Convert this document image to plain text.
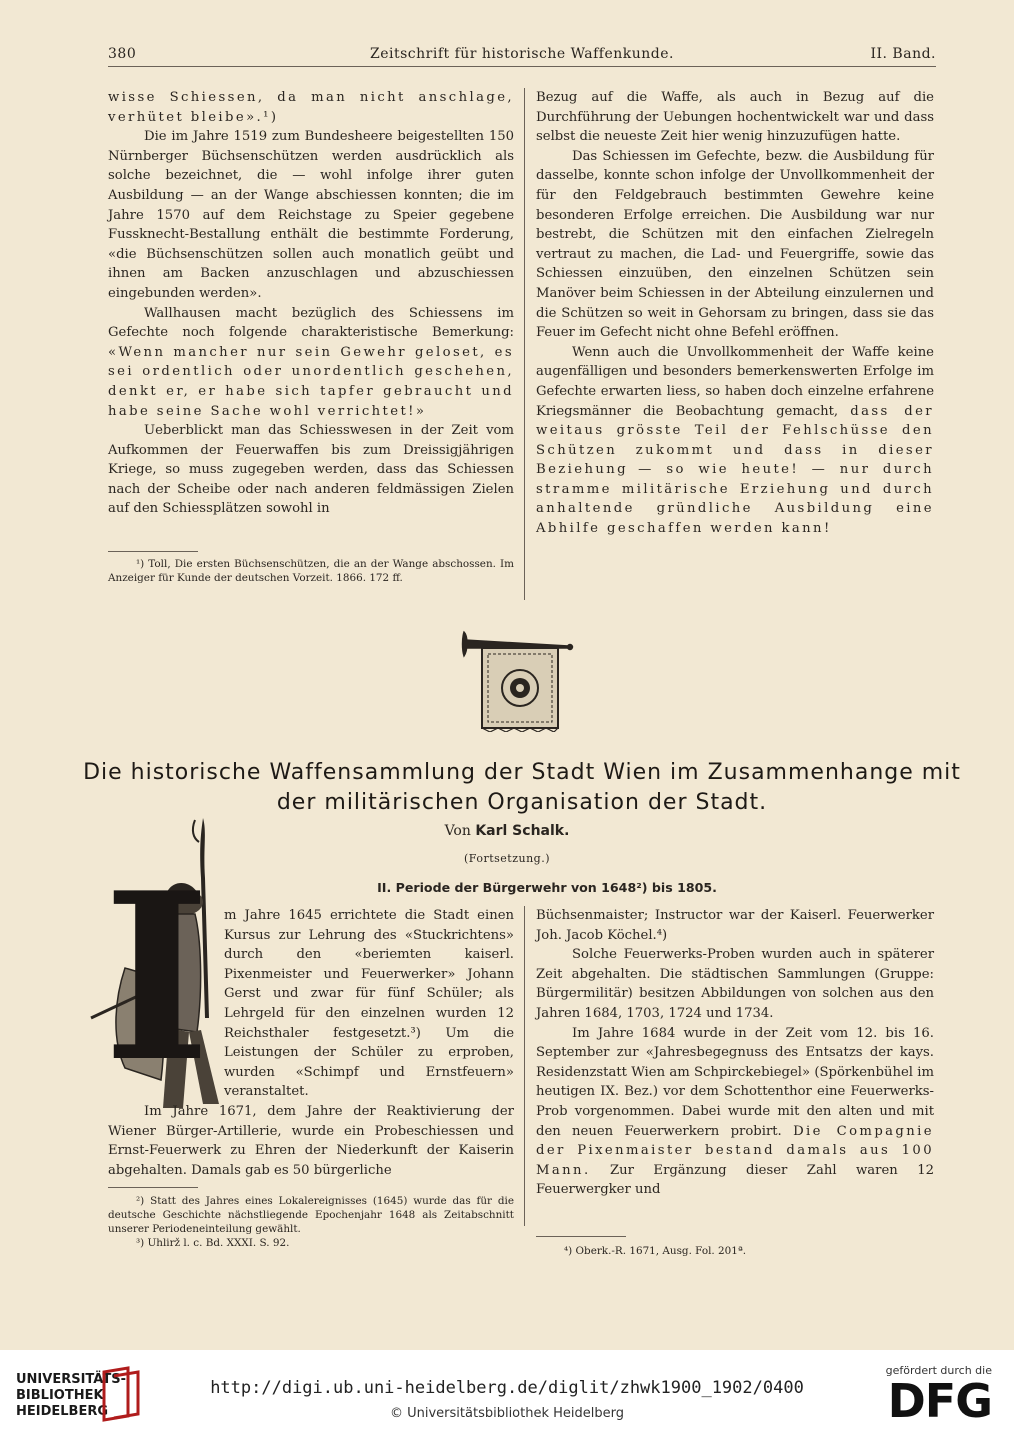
380	Zeitschrift für historische Waffenkunde.	II. Band.

wisse Schiessen, da man nicht anschlage, verhütet bleibe».¹)

Die im Jahre 1519 zum Bundesheere beigestellten 150 Nürnberger Büchsenschützen werden ausdrücklich als solche bezeichnet, die — wohl infolge ihrer guten Ausbildung — an der Wange abschiessen konnten; die im Jahre 1570 auf dem Reichstage zu Speier gegebene Fussknecht-Bestallung enthält die bestimmte Forderung, «die Büchsenschützen sollen auch monatlich geübt und ihnen am Backen anzuschlagen und abzuschiessen eingebunden werden».

Wallhausen macht bezüglich des Schiessens im Gefechte noch folgende charakteristische Bemerkung: «Wenn mancher nur sein Gewehr geloset, es sei ordentlich oder unordentlich geschehen, denkt er, er habe sich tapfer gebraucht und habe seine Sache wohl verrichtet!»

Ueberblickt man das Schiesswesen in der Zeit vom Aufkommen der Feuerwaffen bis zum Dreissigjährigen Kriege, so muss zugegeben werden, dass das Schiessen nach der Scheibe oder nach anderen feldmässigen Zielen auf den Schiessplätzen sowohl in

¹) Toll, Die ersten Büchsenschützen, die an der Wange abschossen. Im Anzeiger für Kunde der deutschen Vorzeit. 1866. 172 ff.

Bezug auf die Waffe, als auch in Bezug auf die Durchführung der Uebungen hochentwickelt war und dass selbst die neueste Zeit hier wenig hinzuzufügen hatte.

Das Schiessen im Gefechte, bezw. die Ausbildung für dasselbe, konnte schon infolge der Unvollkommenheit der für den Feldgebrauch bestimmten Gewehre keine besonderen Erfolge erreichen. Die Ausbildung war nur bestrebt, die Schützen mit den einfachen Zielregeln vertraut zu machen, die Lad- und Feuergriffe, sowie das Schiessen einzuüben, den einzelnen Schützen sein Manöver beim Schiessen in der Abteilung einzulernen und die Schützen so weit in Gehorsam zu bringen, dass sie das Feuer im Gefecht nicht ohne Befehl eröffnen.

Wenn auch die Unvollkommenheit der Waffe keine augenfälligen und besonders bemerkenswerten Erfolge im Gefechte erwarten liess, so haben doch einzelne erfahrene Kriegsmänner die Beobachtung gemacht, dass der weitaus grösste Teil der Fehlschüsse den Schützen zukommt und dass in dieser Beziehung — so wie heute! — nur durch stramme militärische Erziehung und durch anhaltende gründliche Ausbildung eine Abhilfe geschaffen werden kann!

Die historische Waffensammlung der Stadt Wien im Zusammenhange mit der militärischen Organisation der Stadt.
Von Karl Schalk.
(Fortsetzung.)
II. Periode der Bürgerwehr von 1648²) bis 1805.
I	m Jahre 1645 errichtete die Stadt einen Kursus zur Lehrung des «Stuckrichtens» durch den «beriemten kaiserl. Pixenmeister und Feuerwerker» Johann Gerst und zwar für fünf Schüler; als Lehrgeld für den einzelnen wurden 12 Reichsthaler festgesetzt.³) Um die Leistungen der Schüler zu erproben, wurden «Schimpf und Ernstfeuern» veranstaltet.

Im Jahre 1671, dem Jahre der Reaktivierung der Wiener Bürger-Artillerie, wurde ein Probeschiessen und Ernst-Feuerwerk zu Ehren der Niederkunft der Kaiserin abgehalten. Damals gab es 50 bürgerliche

²) Statt des Jahres eines Lokalereignisses (1645) wurde das für die deutsche Geschichte nächstliegende Epochenjahr 1648 als Zeitabschnitt unserer Periodeneinteilung gewählt.

³) Uhlirž l. c. Bd. XXXI. S. 92.

Büchsenmaister; Instructor war der Kaiserl. Feuerwerker Joh. Jacob Köchel.⁴)

Solche Feuerwerks-Proben wurden auch in späterer Zeit abgehalten. Die städtischen Sammlungen (Gruppe: Bürgermilitär) besitzen Abbildungen von solchen aus den Jahren 1684, 1703, 1724 und 1734.

Im Jahre 1684 wurde in der Zeit vom 12. bis 16. September zur «Jahresbegegnuss des Entsatzs der kays. Residenzstatt Wien am Schpirckebiegel» (Spörkenbühel im heutigen IX. Bez.) vor dem Schottenthor eine Feuerwerks-Prob vorgenommen. Dabei wurde mit den alten und mit den neuen Feuerwerkern probirt. Die Compagnie der Pixenmaister bestand damals aus 100 Mann. Zur Ergänzung dieser Zahl waren 12 Feuerwergker und

⁴) Oberk.-R. 1671, Ausg. Fol. 201ª.

UNIVERSITÄTS-
BIBLIOTHEK
HEIDELBERG
http://digi.ub.uni-heidelberg.de/diglit/zhwk1900_1902/0400
© Universitätsbibliothek Heidelberg
gefördert durch die
DFG
